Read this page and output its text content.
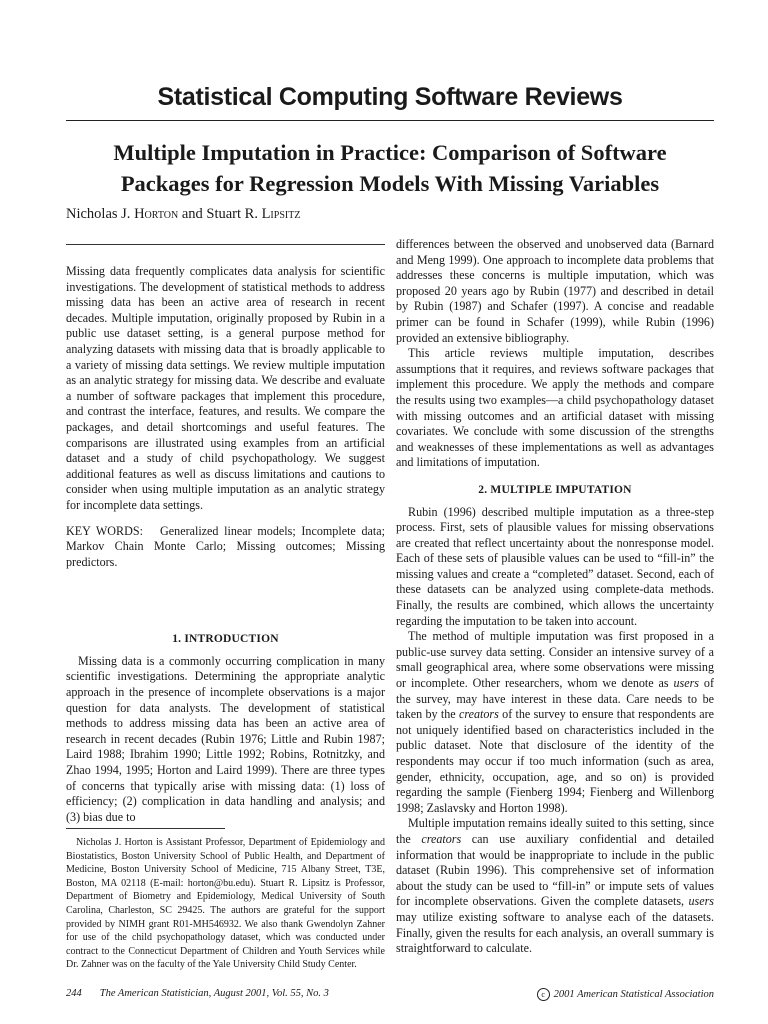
Statistical Computing Software Reviews
Multiple Imputation in Practice: Comparison of Software
Packages for Regression Models With Missing Variables
Nicholas J. Horton and Stuart R. Lipsitz

Missing data frequently complicates data analysis for scientific investigations. The development of statistical methods to address missing data has been an active area of research in recent decades. Multiple imputation, originally proposed by Rubin in a public use dataset setting, is a general purpose method for analyzing datasets with missing data that is broadly applicable to a variety of missing data settings. We review multiple imputation as an analytic strategy for missing data. We describe and evaluate a number of software packages that implement this procedure, and contrast the interface, features, and results. We compare the packages, and detail shortcomings and useful features. The comparisons are illustrated using examples from an artificial dataset and a study of child psychopathology. We suggest additional features as well as discuss limitations and cautions to consider when using multiple imputation as an analytic strategy for incomplete data settings.

KEY WORDS: Generalized linear models; Incomplete data; Markov Chain Monte Carlo; Missing outcomes; Missing predictors.
1. INTRODUCTION

Missing data is a commonly occurring complication in many scientific investigations. Determining the appropriate analytic approach in the presence of incomplete observations is a major question for data analysts. The development of statistical methods to address missing data has been an active area of research in recent decades (Rubin 1976; Little and Rubin 1987; Laird 1988; Ibrahim 1990; Little 1992; Robins, Rotnitzky, and Zhao 1994, 1995; Horton and Laird 1999). There are three types of concerns that typically arise with missing data: (1) loss of efficiency; (2) complication in data handling and analysis; and (3) bias due to

Nicholas J. Horton is Assistant Professor, Department of Epidemiology and Biostatistics, Boston University School of Public Health, and Department of Medicine, Boston University School of Medicine, 715 Albany Street, T3E, Boston, MA 02118 (E-mail: horton@bu.edu). Stuart R. Lipsitz is Professor, Department of Biometry and Epidemiology, Medical University of South Carolina, Charleston, SC 29425. The authors are grateful for the support provided by NIMH grant R01-MH546932. We also thank Gwendolyn Zahner for use of the child psychopathology dataset, which was conducted under contract to the Connecticut Department of Children and Youth Services while Dr. Zahner was on the faculty of the Yale University Child Study Center.

differences between the observed and unobserved data (Barnard and Meng 1999). One approach to incomplete data problems that addresses these concerns is multiple imputation, which was proposed 20 years ago by Rubin (1977) and described in detail by Rubin (1987) and Schafer (1997). A concise and readable primer can be found in Schafer (1999), while Rubin (1996) provided an extensive bibliography.

This article reviews multiple imputation, describes assumptions that it requires, and reviews software packages that implement this procedure. We apply the methods and compare the results using two examples—a child psychopathology dataset with missing outcomes and an artificial dataset with missing covariates. We conclude with some discussion of the strengths and weaknesses of these implementations as well as advantages and limitations of imputation.

2. MULTIPLE IMPUTATION

Rubin (1996) described multiple imputation as a three-step process. First, sets of plausible values for missing observations are created that reflect uncertainty about the nonresponse model. Each of these sets of plausible values can be used to “fill-in” the missing values and create a “completed” dataset. Second, each of these datasets can be analyzed using complete-data methods. Finally, the results are combined, which allows the uncertainty regarding the imputation to be taken into account.

The method of multiple imputation was first proposed in a public-use survey data setting. Consider an intensive survey of a small geographical area, where some observations were missing or incomplete. Other researchers, whom we denote as users of the survey, may have interest in these data. Care needs to be taken by the creators of the survey to ensure that respondents are not uniquely identified based on characteristics included in the public dataset. Note that disclosure of the identity of the respondents may occur if too much information (such as area, gender, ethnicity, occupation, age, and so on) is provided regarding the sample (Fienberg 1994; Fienberg and Willenborg 1998; Zaslavsky and Horton 1998).

Multiple imputation remains ideally suited to this setting, since the creators can use auxiliary confidential and detailed information that would be inappropriate to include in the public dataset (Rubin 1996). This comprehensive set of information about the study can be used to “fill-in” or impute sets of values for incomplete observations. Given the complete datasets, users may utilize existing software to analyse each of the datasets. Finally, given the results for each analysis, an overall summary is straightforward to calculate.

244 The American Statistician, August 2001, Vol. 55, No. 3	c 2001 American Statistical Association
